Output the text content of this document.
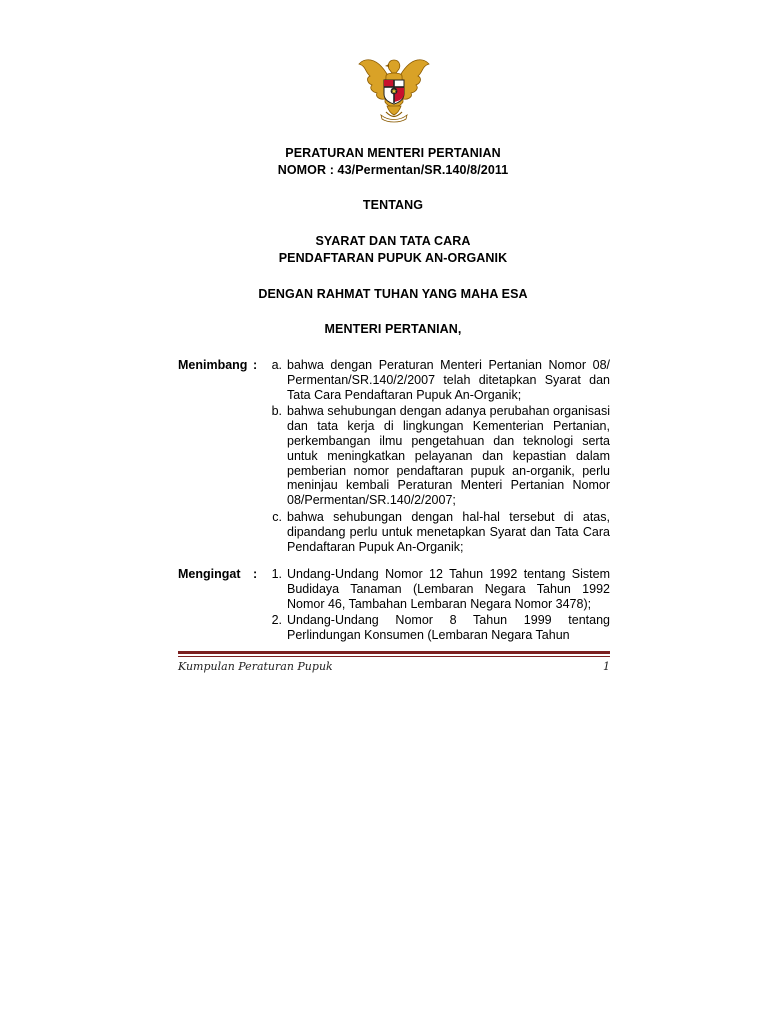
PERATURAN MENTERI PERTANIAN
NOMOR : 43/Permentan/SR.140/8/2011
TENTANG
SYARAT DAN TATA CARA
PENDAFTARAN PUPUK AN-ORGANIK
DENGAN RAHMAT TUHAN YANG MAHA ESA
MENTERI PERTANIAN,
Menimbang :	a. bahwa dengan Peraturan Menteri Pertanian Nomor 08/ Permentan/SR.140/2/2007 telah ditetapkan Syarat dan Tata Cara Pendaftaran Pupuk An-Organik;
b. bahwa sehubungan dengan adanya perubahan organisasi dan tata kerja di lingkungan Kementerian Pertanian, perkembangan ilmu pengetahuan dan teknologi serta untuk meningkatkan pelayanan dan kepastian dalam pemberian nomor pendaftaran pupuk an-organik, perlu meninjau kembali Peraturan Menteri Pertanian Nomor 08/Permentan/SR.140/2/2007;
c. bahwa sehubungan dengan hal-hal tersebut di atas, dipandang perlu untuk menetapkan Syarat dan Tata Cara Pendaftaran Pupuk An-Organik;
Mengingat	:	1. Undang-Undang Nomor 12 Tahun 1992 tentang Sistem Budidaya Tanaman (Lembaran Negara Tahun 1992 Nomor 46, Tambahan Lembaran Negara Nomor 3478);
2. Undang-Undang Nomor 8 Tahun 1999 tentang Perlindungan Konsumen (Lembaran Negara Tahun
Kumpulan Peraturan Pupuk	1
